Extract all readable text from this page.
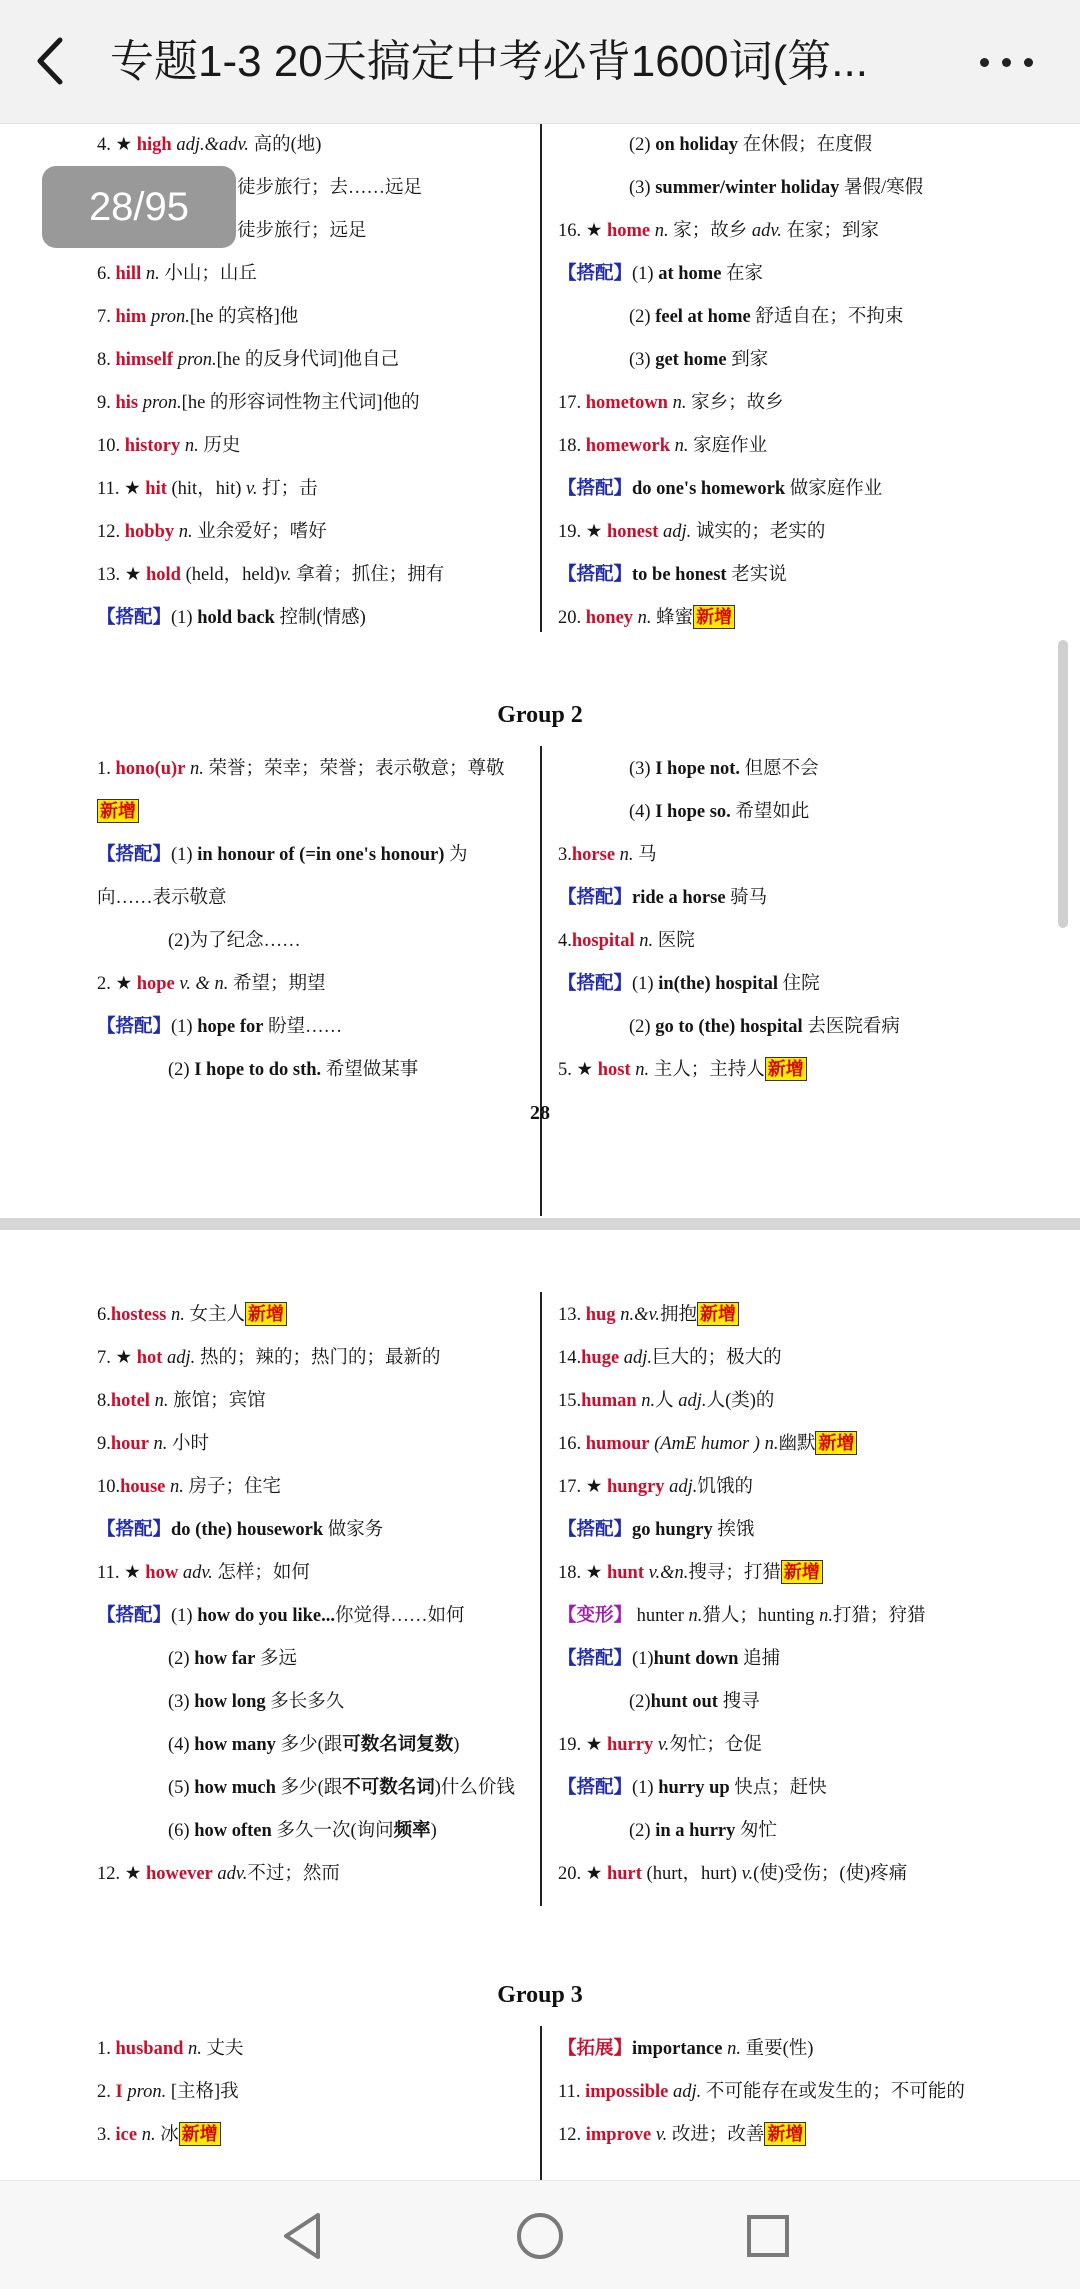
专题1-3 20天搞定中考必背1600词(第...
4. ★ high adj.&adv. 高的(地)
徒步旅行；去……远足
徒步旅行；远足
6. hill n. 小山；山丘
7. him pron.[he 的宾格]他
8. himself pron.[he 的反身代词]他自己
9. his pron.[he 的形容词性物主代词]他的
10. history n. 历史
11. ★ hit (hit，hit) v. 打；击
12. hobby n. 业余爱好；嗜好
13. ★ hold (held，held)v. 拿着；抓住；拥有
【搭配】(1) hold back 控制(情感)
(2) on holiday 在休假；在度假
(3) summer/winter holiday 暑假/寒假
16. ★ home n. 家；故乡 adv. 在家；到家
【搭配】(1) at home 在家
(2) feel at home 舒适自在；不拘束
(3) get home 到家
17. hometown n. 家乡；故乡
18. homework n. 家庭作业
【搭配】do one's homework 做家庭作业
19. ★ honest adj. 诚实的；老实的
【搭配】to be honest 老实说
20. honey n. 蜂蜜 新增
Group 2
1. hono(u)r n. 荣誉；荣幸；荣誉；表示敬意；尊敬
新增
【搭配】(1) in honour of (=in one's honour) 为
向……表示敬意
(2)为了纪念……
2. ★ hope v. & n. 希望；期望
【搭配】(1) hope for 盼望……
(2) I hope to do sth. 希望做某事
(3) I hope not. 但愿不会
(4) I hope so. 希望如此
3.horse n. 马
【搭配】ride a horse 骑马
4.hospital n. 医院
【搭配】(1) in(the) hospital 住院
(2) go to (the) hospital 去医院看病
5. ★ host n. 主人；主持人 新增
28
6.hostess n. 女主人 新增
7. ★ hot adj. 热的；辣的；热门的；最新的
8.hotel n. 旅馆；宾馆
9.hour n. 小时
10.house n. 房子；住宅
【搭配】do (the) housework 做家务
11. ★ how adv. 怎样；如何
【搭配】(1) how do you like...你觉得……如何
(2) how far 多远
(3) how long 多长多久
(4) how many 多少(跟可数名词复数)
(5) how much 多少(跟不可数名词)什么价钱
(6) how often 多久一次(询问频率)
12. ★ however adv.不过；然而
13. hug n.&v.拥抱 新增
14.huge adj.巨大的；极大的
15.human n.人 adj.人(类)的
16. humour (AmE humor ) n.幽默 新增
17. ★ hungry adj.饥饿的
【搭配】go hungry 挨饿
18. ★ hunt v.&n.搜寻；打猎 新增
【变形】 hunter n.猎人；hunting n.打猎；狩猎
【搭配】(1)hunt down 追捕
(2)hunt out 搜寻
19. ★ hurry v.匆忙；仓促
【搭配】(1) hurry up 快点；赶快
(2) in a hurry 匆忙
20. ★ hurt (hurt，hurt) v.(使)受伤；(使)疼痛
Group 3
1. husband n. 丈夫
2. I pron. [主格]我
3. ice n. 冰 新增
【拓展】importance n. 重要(性)
11. impossible adj. 不可能存在或发生的；不可能的
12. improve v. 改进；改善 新增
28/95
